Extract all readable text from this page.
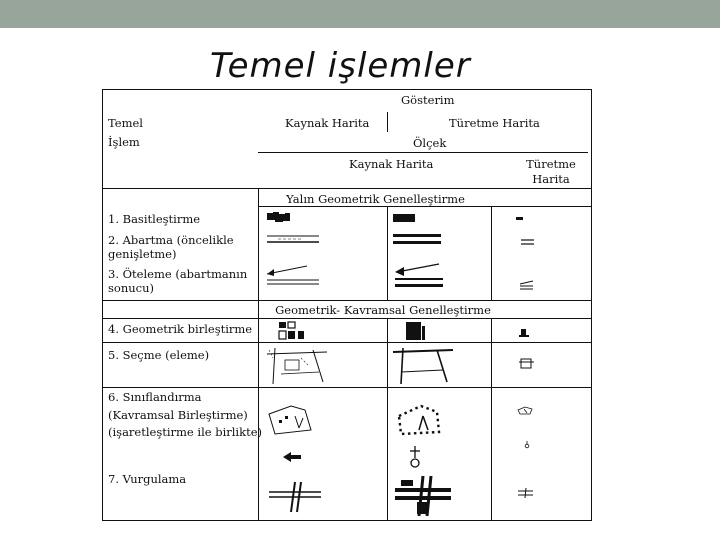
Temel işlemler
Gösterim
Temel
İşlem
Kaynak Harita	Türetme Harita
Ölçek
Kaynak Harita	Türetme
Harita
Yalın Geometrik Genelleştirme
1. Basitleştirme
2. Abartma (öncelikle
genişletme)
3. Öteleme (abartmanın
sonucu)
Geometrik- Kavramsal Genelleştirme
4. Geometrik birleştirme
5. Seçme (eleme)
6. Sınıflandırma
(Kavramsal Birleştirme)
(işaretleştirme ile birlikte)
7. Vurgulama
